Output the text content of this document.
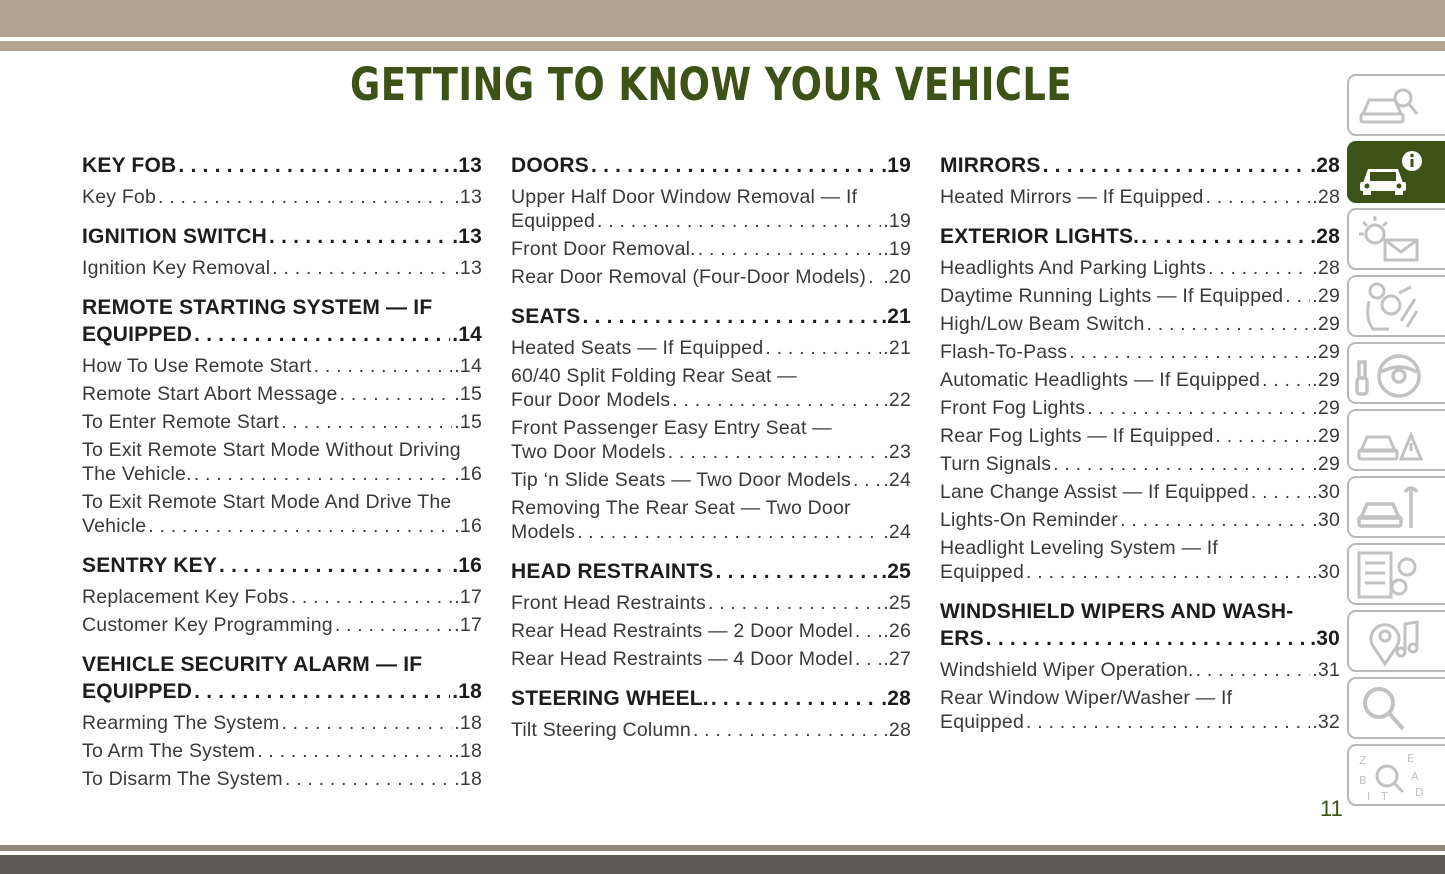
GETTING TO KNOW YOUR VEHICLE
KEY FOB . . .	.13
Key Fob . . .	.13
IGNITION SWITCH . . .	.13
Ignition Key Removal . . .	.13
REMOTE STARTING SYSTEM — IF
EQUIPPED . . .	.14
How To Use Remote Start . . .	.14
Remote Start Abort Message . . .	.15
To Enter Remote Start . . .	.15
To Exit Remote Start Mode Without Driving
The Vehicle. . . .	.16
To Exit Remote Start Mode And Drive The
Vehicle . . .	.16
SENTRY KEY . . .	.16
Replacement Key Fobs . . .	.17
Customer Key Programming . . .	.17
VEHICLE SECURITY ALARM — IF
EQUIPPED . . .	.18
Rearming The System . . .	.18
To Arm The System . . .	.18
To Disarm The System . . .	.18
DOORS . . .	.19
Upper Half Door Window Removal — If
Equipped . . .	.19
Front Door Removal. . . .	.19
Rear Door Removal (Four-Door Models) . . . .20
SEATS . . .	.21
Heated Seats — If Equipped . . .	.21
60/40 Split Folding Rear Seat —
Four Door Models . . .	.22
Front Passenger Easy Entry Seat —
Two Door Models . . .	.23
Tip ‘n Slide Seats — Two Door Models . . . .24
Removing The Rear Seat — Two Door
Models . . .	.24
HEAD RESTRAINTS . . .	.25
Front Head Restraints . . .	.25
Rear Head Restraints — 2 Door Model . . . .26
Rear Head Restraints — 4 Door Model . . . .27
STEERING WHEEL. . . .	.28
Tilt Steering Column . . .	.28
MIRRORS . . .	.28
Heated Mirrors — If Equipped . . .	.28
EXTERIOR LIGHTS. . . .	.28
Headlights And Parking Lights . . .	.28
Daytime Running Lights — If Equipped . . . .29
High/Low Beam Switch . . .	.29
Flash-To-Pass . . .	.29
Automatic Headlights — If Equipped . . .	.29
Front Fog Lights . . .	.29
Rear Fog Lights — If Equipped . . .	.29
Turn Signals . . .	.29
Lane Change Assist — If Equipped . . .	.30
Lights-On Reminder . . .	.30
Headlight Leveling System — If
Equipped . . .	.30
WINDSHIELD WIPERS AND WASH-
ERS . . .	.30
Windshield Wiper Operation. . . .	.31
Rear Window Wiper/Washer — If
Equipped . . .	.32
11
Z	E
B	A
I T D
